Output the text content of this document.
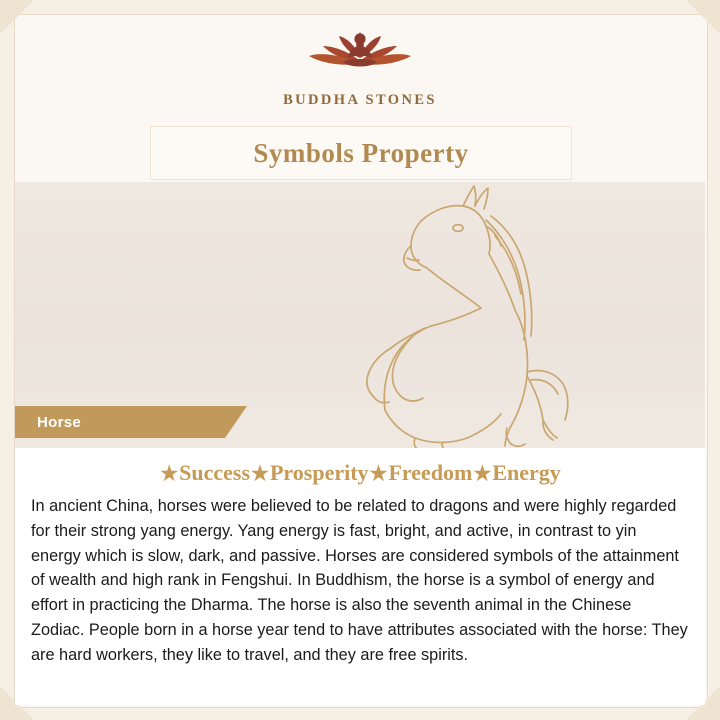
BUDDHA STONES
Symbols Property
Horse
★Success★Prosperity★Freedom★Energy

In ancient China, horses were believed to be related to dragons and were highly regarded for their strong yang energy. Yang energy is fast, bright, and active, in contrast to yin energy which is slow, dark, and passive. Horses are considered symbols of the attainment of wealth and high rank in Fengshui. In Buddhism, the horse is a symbol of energy and effort in practicing the Dharma. The horse is also the seventh animal in the Chinese Zodiac. People born in a horse year tend to have attributes associated with the horse: They are hard workers, they like to travel, and they are free spirits.
